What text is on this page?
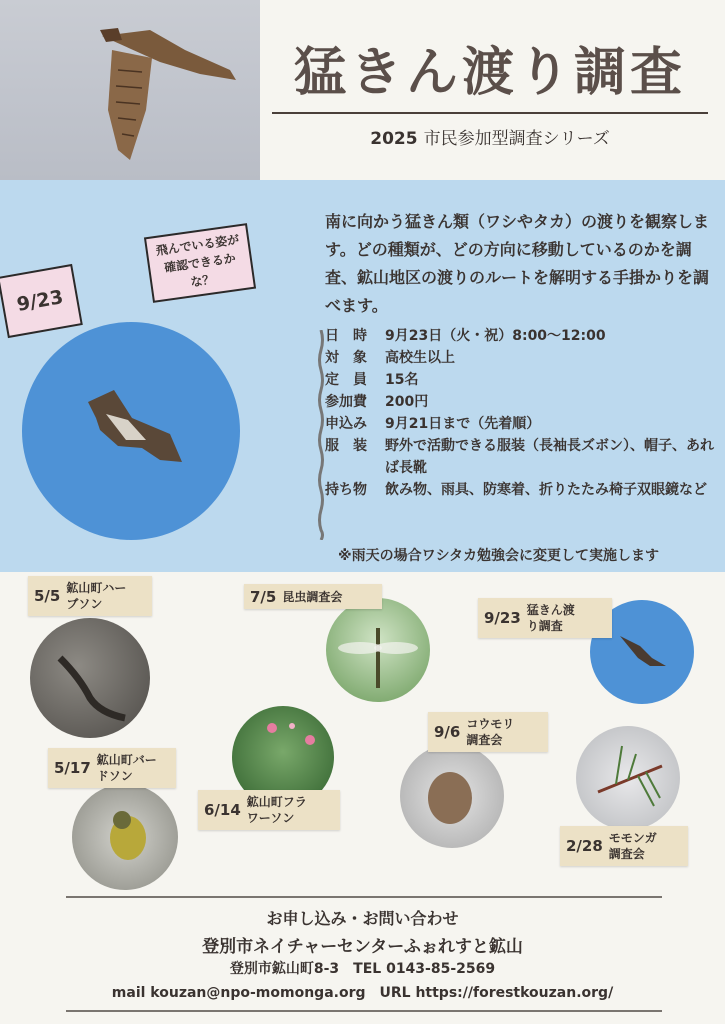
猛きん渡り調査
2025 市民参加型調査シリーズ
9/23
飛んでいる姿が確認できるかな？
南に向かう猛きん類（ワシやタカ）の渡りを観察します。どの種類が、どの方向に移動しているのかを調査、鉱山地区の渡りのルートを解明する手掛かりを調べます。
日　時	9月23日（火・祝）8:00〜12:00
対　象	高校生以上
定　員	15名
参加費	200円
申込み	9月21日まで（先着順）
服　装	野外で活動できる服装（長袖長ズボン）、帽子、あれば長靴
持ち物	飲み物、雨具、防寒着、折りたたみ椅子双眼鏡など
※雨天の場合ワシタカ勉強会に変更して実施します
5/5 鉱山町ハーブソン	7/5 昆虫調査会
9/23 猛きん渡り調査
5/17 鉱山町バードソン
6/14 鉱山町フラワーソン
9/6 コウモリ調査会
2/28 モモンガ調査会
お申し込み・お問い合わせ
登別市ネイチャーセンターふぉれすと鉱山
登別市鉱山町8-3　TEL 0143-85-2569
mail kouzan@npo-momonga.org　URL https://forestkouzan.org/
